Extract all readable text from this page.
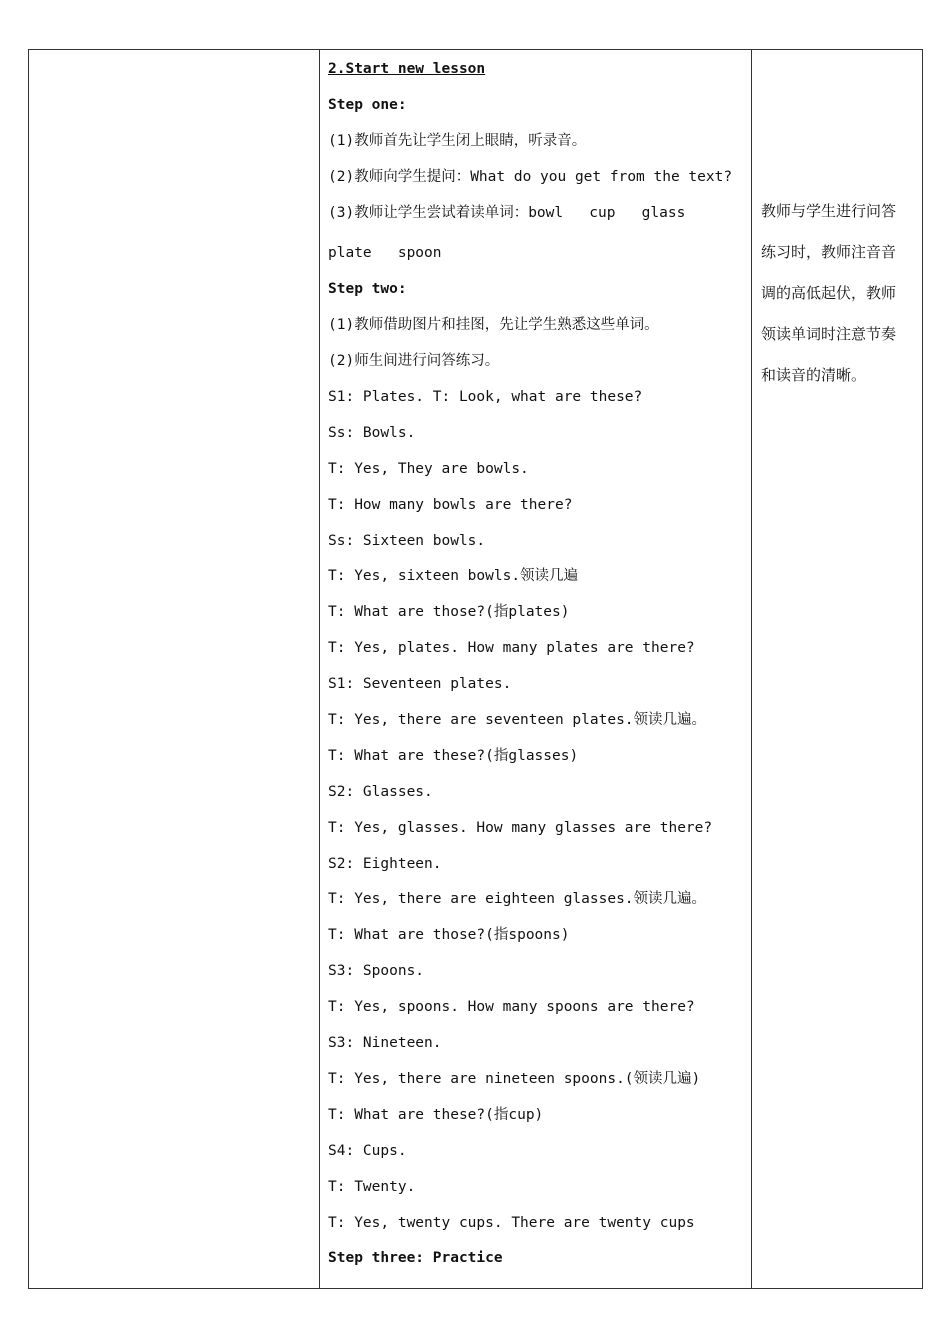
2.Start new lesson
Step one:
(1)教师首先让学生闭上眼睛，听录音。
(2)教师向学生提问：What do you get from the text?
(3)教师让学生尝试着读单词：bowl   cup   glass
plate   spoon
Step two:
(1)教师借助图片和挂图，先让学生熟悉这些单词。
(2)师生间进行问答练习。
S1: Plates. T: Look, what are these?
Ss: Bowls.
T: Yes, They are bowls.
T: How many bowls are there?
Ss: Sixteen bowls.
T: Yes, sixteen bowls.领读几遍
T: What are those?(指plates)
T: Yes, plates. How many plates are there?
S1: Seventeen plates.
T: Yes, there are seventeen plates.领读几遍。
T: What are these?(指glasses)
S2: Glasses.
T: Yes, glasses. How many glasses are there?
S2: Eighteen.
T: Yes, there are eighteen glasses.领读几遍。
T: What are those?(指spoons)
S3: Spoons.
T: Yes, spoons. How many spoons are there?
S3: Nineteen.
T: Yes, there are nineteen spoons.(领读几遍)
T: What are these?(指cup)
S4: Cups.
T: Twenty.
T: Yes, twenty cups. There are twenty cups
Step three: Practice
教师与学生进行问答
练习时，教师注音音
调的高低起伏，教师
领读单词时注意节奏
和读音的清晰。
